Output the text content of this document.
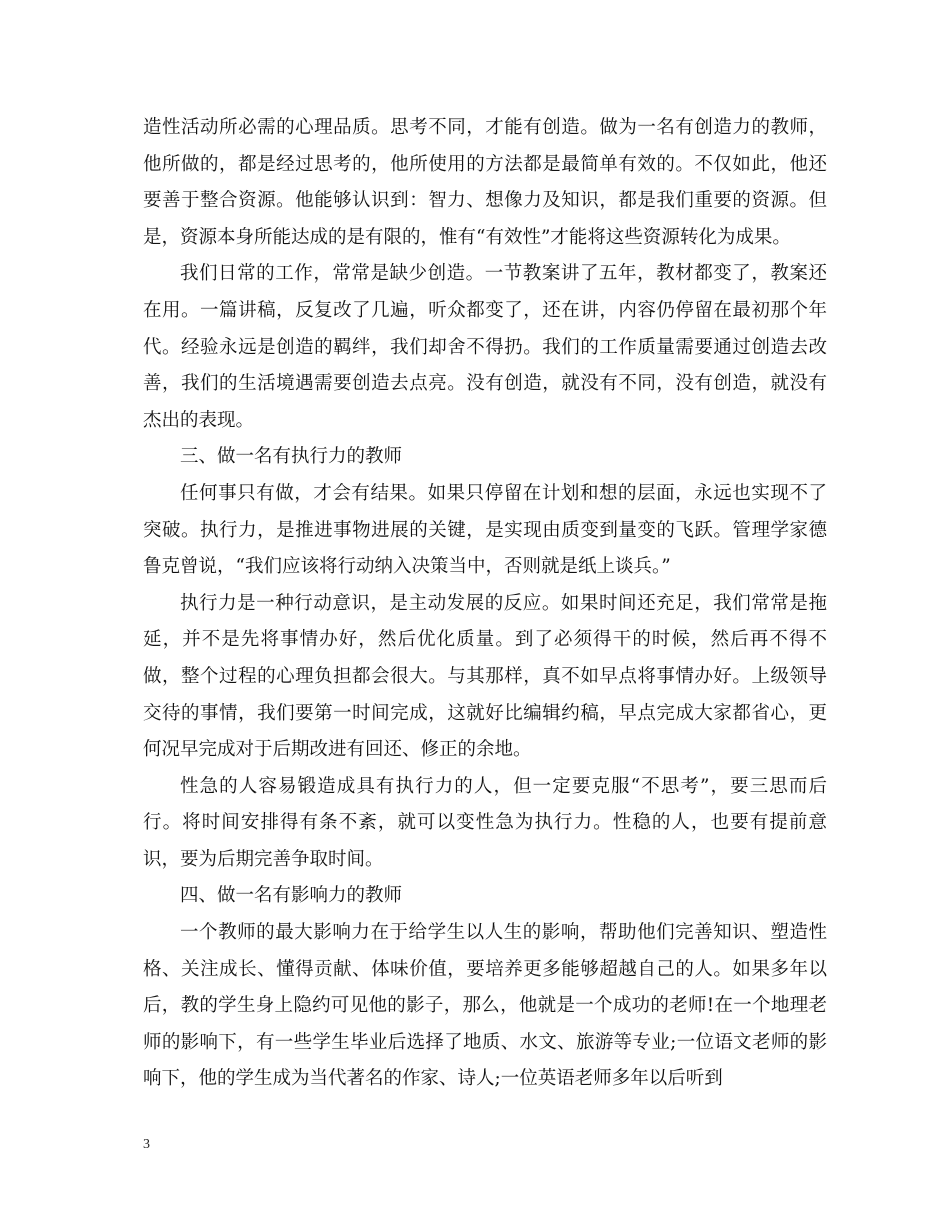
造性活动所必需的心理品质。思考不同，才能有创造。做为一名有创造力的教师，他所做的，都是经过思考的，他所使用的方法都是最简单有效的。不仅如此，他还要善于整合资源。他能够认识到：智力、想像力及知识，都是我们重要的资源。但是，资源本身所能达成的是有限的，惟有“有效性”才能将这些资源转化为成果。

我们日常的工作，常常是缺少创造。一节教案讲了五年，教材都变了，教案还在用。一篇讲稿，反复改了几遍，听众都变了，还在讲，内容仍停留在最初那个年代。经验永远是创造的羁绊，我们却舍不得扔。我们的工作质量需要通过创造去改善，我们的生活境遇需要创造去点亮。没有创造，就没有不同，没有创造，就没有杰出的表现。

三、做一名有执行力的教师

任何事只有做，才会有结果。如果只停留在计划和想的层面，永远也实现不了突破。执行力，是推进事物进展的关键，是实现由质变到量变的飞跃。管理学家德鲁克曾说，“我们应该将行动纳入决策当中，否则就是纸上谈兵。”

执行力是一种行动意识，是主动发展的反应。如果时间还充足，我们常常是拖延，并不是先将事情办好，然后优化质量。到了必须得干的时候，然后再不得不做，整个过程的心理负担都会很大。与其那样，真不如早点将事情办好。上级领导交待的事情，我们要第一时间完成，这就好比编辑约稿，早点完成大家都省心，更何况早完成对于后期改进有回还、修正的余地。

性急的人容易锻造成具有执行力的人，但一定要克服“不思考”，要三思而后行。将时间安排得有条不紊，就可以变性急为执行力。性稳的人，也要有提前意识，要为后期完善争取时间。

四、做一名有影响力的教师

一个教师的最大影响力在于给学生以人生的影响，帮助他们完善知识、塑造性格、关注成长、懂得贡献、体味价值，要培养更多能够超越自己的人。如果多年以后，教的学生身上隐约可见他的影子，那么，他就是一个成功的老师!在一个地理老师的影响下，有一些学生毕业后选择了地质、水文、旅游等专业;一位语文老师的影响下，他的学生成为当代著名的作家、诗人;一位英语老师多年以后听到

3
